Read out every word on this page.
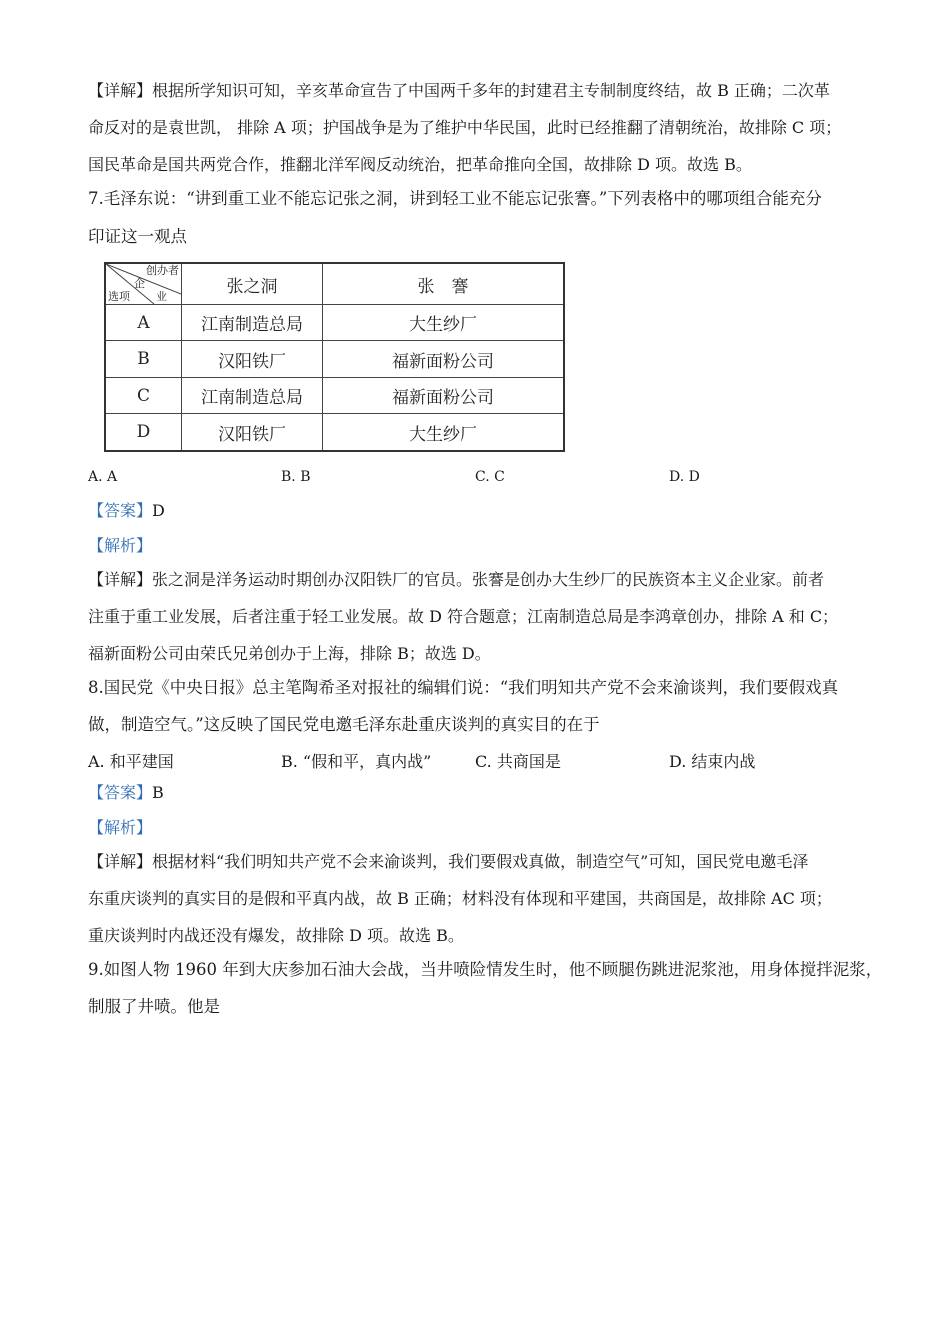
【详解】根据所学知识可知，辛亥革命宣告了中国两千多年的封建君主专制制度终结，故 B 正确；二次革
命反对的是袁世凯， 排除 A 项；护国战争是为了维护中华民国，此时已经推翻了清朝统治，故排除 C 项；
国民革命是国共两党合作，推翻北洋军阀反动统治，把革命推向全国，故排除 D 项。故选 B。
7.毛泽东说：“讲到重工业不能忘记张之洞，讲到轻工业不能忘记张謇。”下列表格中的哪项组合能充分
印证这一观点
创办者
企
选项 业	张之洞	张　謇
A	江南制造总局	大生纱厂
B	汉阳铁厂	福新面粉公司
C	江南制造总局	福新面粉公司
D	汉阳铁厂	大生纱厂
A. A	B. B	C. C	D. D
【答案】D
【解析】
【详解】张之洞是洋务运动时期创办汉阳铁厂的官员。张謇是创办大生纱厂的民族资本主义企业家。前者
注重于重工业发展，后者注重于轻工业发展。故 D 符合题意；江南制造总局是李鸿章创办，排除 A 和 C；
福新面粉公司由荣氏兄弟创办于上海，排除 B；故选 D。
8.国民党《中央日报》总主笔陶希圣对报社的编辑们说：“我们明知共产党不会来渝谈判，我们要假戏真
做，制造空气。”这反映了国民党电邀毛泽东赴重庆谈判的真实目的在于
A. 和平建国	B. “假和平，真内战”	C. 共商国是	D. 结束内战
【答案】B
【解析】
【详解】根据材料“我们明知共产党不会来渝谈判，我们要假戏真做，制造空气”可知，国民党电邀毛泽
东重庆谈判的真实目的是假和平真内战，故 B 正确；材料没有体现和平建国，共商国是，故排除 AC 项；
重庆谈判时内战还没有爆发，故排除 D 项。故选 B。
9.如图人物 1960 年到大庆参加石油大会战，当井喷险情发生时，他不顾腿伤跳进泥浆池，用身体搅拌泥浆，
制服了井喷。他是
